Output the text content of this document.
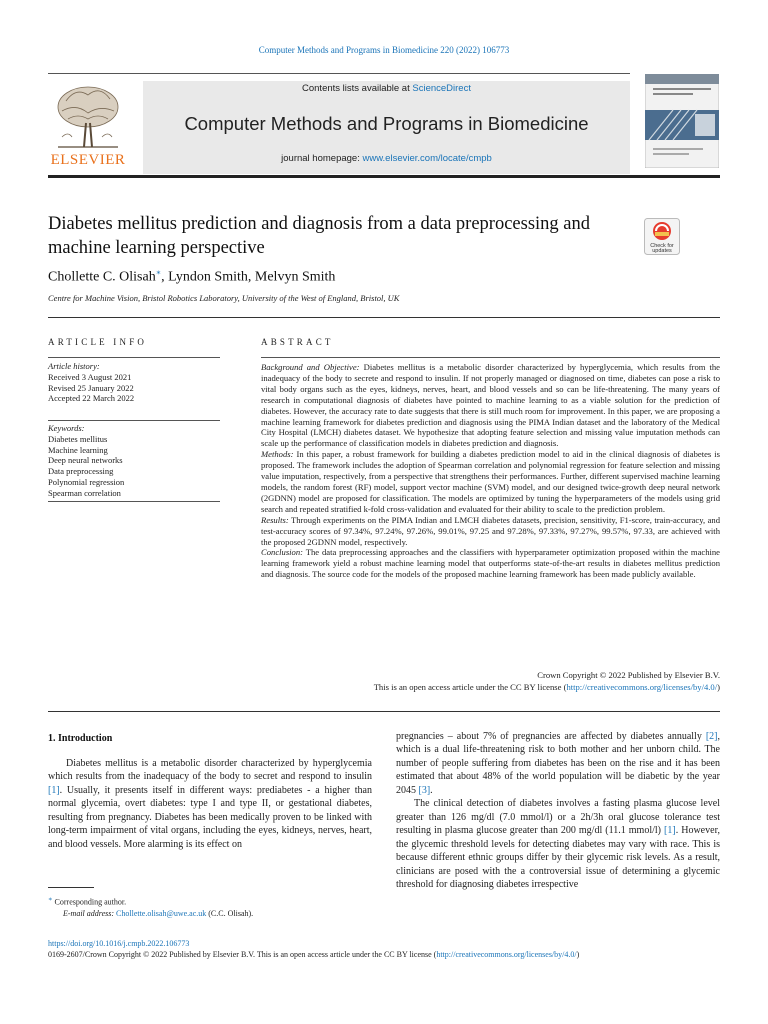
Computer Methods and Programs in Biomedicine 220 (2022) 106773
ELSEVIER
Contents lists available at ScienceDirect
Computer Methods and Programs in Biomedicine
journal homepage: www.elsevier.com/locate/cmpb
Diabetes mellitus prediction and diagnosis from a data preprocessing and machine learning perspective	Check for
updates
Chollette C. Olisah∗, Lyndon Smith, Melvyn Smith
Centre for Machine Vision, Bristol Robotics Laboratory, University of the West of England, Bristol, UK
ARTICLE INFO	ABSTRACT
Article history:
Received 3 August 2021
Revised 25 January 2022
Accepted 22 March 2022
Keywords:
Diabetes mellitus
Machine learning
Deep neural networks
Data preprocessing
Polynomial regression
Spearman correlation

Background and Objective: Diabetes mellitus is a metabolic disorder characterized by hyperglycemia, which results from the inadequacy of the body to secrete and respond to insulin. If not properly managed or diagnosed on time, diabetes can pose a risk to vital body organs such as the eyes, kidneys, nerves, heart, and blood vessels and so can be life-threatening. The many years of research in computational diagnosis of diabetes have pointed to machine learning to as a viable solution for the prediction of diabetes. However, the accuracy rate to date suggests that there is still much room for improvement. In this paper, we are proposing a machine learning framework for diabetes prediction and diagnosis using the PIMA Indian dataset and the laboratory of the Medical City Hospital (LMCH) diabetes dataset. We hypothesize that adopting feature selection and missing value imputation methods can scale up the performance of classification models in diabetes prediction and diagnosis.

Methods: In this paper, a robust framework for building a diabetes prediction model to aid in the clinical diagnosis of diabetes is proposed. The framework includes the adoption of Spearman correlation and polynomial regression for feature selection and missing value imputation, respectively, from a perspective that strengthens their performances. Further, different supervised machine learning models, the random forest (RF) model, support vector machine (SVM) model, and our designed twice-growth deep neural network (2GDNN) model are proposed for classification. The models are optimized by tuning the hyperparameters of the models using grid search and repeated stratified k-fold cross-validation and evaluated for their ability to scale to the prediction problem.

Results: Through experiments on the PIMA Indian and LMCH diabetes datasets, precision, sensitivity, F1-score, train-accuracy, and test-accuracy scores of 97.34%, 97.24%, 97.26%, 99.01%, 97.25 and 97.28%, 97.33%, 97.27%, 99.57%, 97.33, are achieved with the proposed 2GDNN model, respectively.

Conclusion: The data preprocessing approaches and the classifiers with hyperparameter optimization proposed within the machine learning framework yield a robust machine learning model that outperforms state-of-the-art results in diabetes mellitus prediction and diagnosis. The source code for the models of the proposed machine learning framework has been made publicly available.

Crown Copyright © 2022 Published by Elsevier B.V.
This is an open access article under the CC BY license (http://creativecommons.org/licenses/by/4.0/)
1. Introduction

Diabetes mellitus is a metabolic disorder characterized by hyperglycemia which results from the inadequacy of the body to secret and respond to insulin [1]. Usually, it presents itself in different ways: prediabetes - a higher than normal glycemia, overt diabetes: type I and type II, or gestational diabetes, resulting from pregnancy. Diabetes has been medically proven to be linked with long-term impairment of vital organs, including the eyes, kidneys, nerves, heart, and blood vessels. More alarming is its effect on

pregnancies – about 7% of pregnancies are affected by diabetes annually [2], which is a dual life-threatening risk to both mother and her unborn child. The number of people suffering from diabetes has been on the rise and it has been estimated that about 48% of the world population will be diabetic by the year 2045 [3].

The clinical detection of diabetes involves a fasting plasma glucose level greater than 126 mg/dl (7.0 mmol/l) or a 2h/3h oral glucose tolerance test resulting in plasma glucose greater than 200 mg/dl (11.1 mmol/l) [1]. However, the glycemic threshold levels for detecting diabetes may vary with race. This is because different ethnic groups differ by their glycemic risk levels. As a result, clinicians are posed with the a controversial issue of determining a glycemic threshold for diagnosing diabetes irrespective

∗ Corresponding author.
E-mail address: Chollette.olisah@uwe.ac.uk (C.C. Olisah).
https://doi.org/10.1016/j.cmpb.2022.106773
0169-2607/Crown Copyright © 2022 Published by Elsevier B.V. This is an open access article under the CC BY license (http://creativecommons.org/licenses/by/4.0/)
